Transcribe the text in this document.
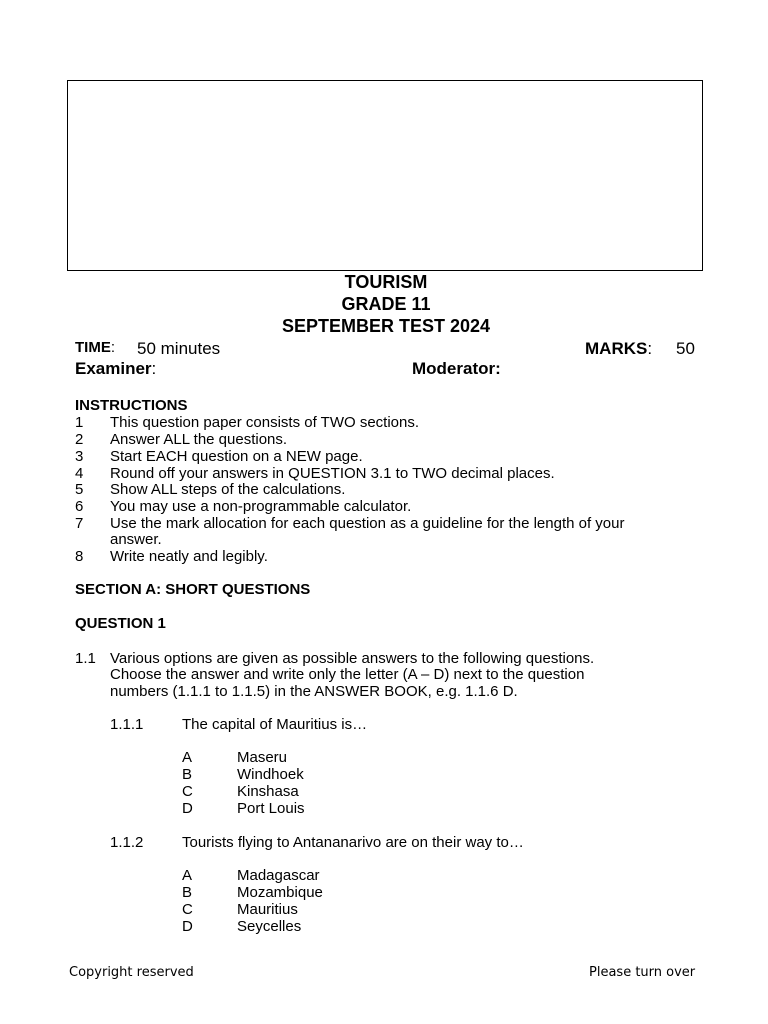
TOURISM
GRADE 11
SEPTEMBER TEST 2024
TIME: 50 minutes	MARKS: 50
Examiner:	Moderator:
INSTRUCTIONS
1 This question paper consists of TWO sections.
2 Answer ALL the questions.
3 Start EACH question on a NEW page.
4 Round off your answers in QUESTION 3.1 to TWO decimal places.
5 Show ALL steps of the calculations.
6 You may use a non-programmable calculator.
7 Use the mark allocation for each question as a guideline for the length of your
answer.
8 Write neatly and legibly.
SECTION A: SHORT QUESTIONS
QUESTION 1
1.1 Various options are given as possible answers to the following questions.
Choose the answer and write only the letter (A – D) next to the question
numbers (1.1.1 to 1.1.5) in the ANSWER BOOK, e.g. 1.1.6 D.
1.1.1	The capital of Mauritius is…
A	Maseru
B	Windhoek
C	Kinshasa
D	Port Louis
1.1.2	Tourists flying to Antananarivo are on their way to…
A	Madagascar
B	Mozambique
C	Mauritius
D	Seycelles
Copyright reserved	Please turn over
